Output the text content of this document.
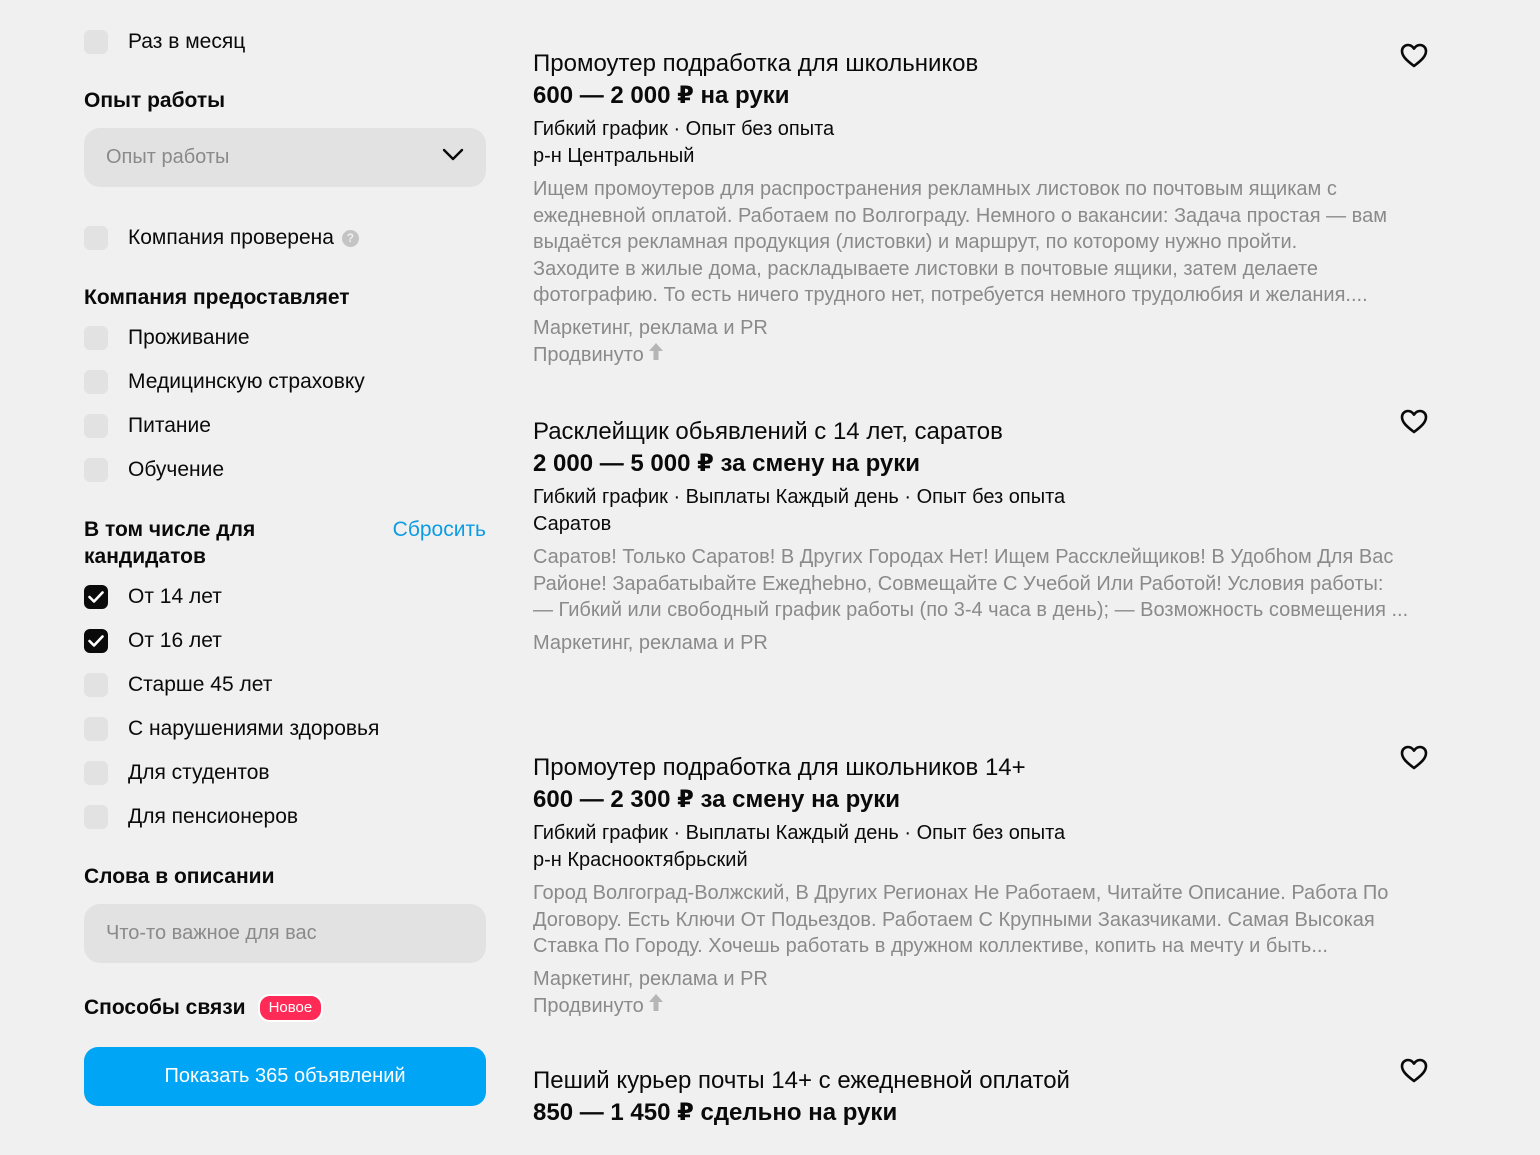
Раз в месяц
Опыт работы
Опыт работы
Компания проверена ?
Компания предоставляет
Проживание
Медицинскую страховку
Питание
Обучение
В том числе для
кандидатов
Сбросить
От 14 лет
От 16 лет
Старше 45 лет
С нарушениями здоровья
Для студентов
Для пенсионеров
Слова в описании
Что-то важное для вас
Способы связи Новое
Показать 365 объявлений
Промоутер подработка для школьников
600 — 2 000 ₽ на руки
Гибкий график · Опыт без опыта
р-н Центральный
Ищем промоутеров для распространения рекламных листовок по почтовым ящикам с
ежедневной оплатой. Работаем по Волгограду. Немного о вакансии: Задача простая — вам
выдаётся рекламная продукция (листовки) и маршрут, по которому нужно пройти.
Заходите в жилые дома, раскладываете листовки в почтовые ящики, затем делаете
фотографию. То есть ничего трудного нет, потребуется немного трудолюбия и желания....
Маркетинг, реклама и PR
Продвинуто
Расклейщик обьявлений с 14 лет, саратов
2 000 — 5 000 ₽ за смену на руки
Гибкий график · Выплаты Каждый день · Опыт без опыта
Саратов
Саратов! Только Саратов! В Других Городах Нет! Ищем Рассклейщиков! В Удобhом Для Вас
Районе! Зарабатыbайте Ежедhеbно, Совмещайте С Учебой Или Работой! Условия работы:
— Гибкий или свободный график работы (по 3-4 часа в день); — Возможность совмещения ...
Маркетинг, реклама и PR
Промоутер подработка для школьников 14+
600 — 2 300 ₽ за смену на руки
Гибкий график · Выплаты Каждый день · Опыт без опыта
р-н Краснооктябрьский
Город Волгоград-Волжский, В Других Регионах Не Работаем, Читайте Описание. Работа По
Договору. Есть Ключи От Подьездов. Работаем С Крупными Заказчиками. Самая Высокая
Ставка По Городу. Хочешь работать в дружном коллективе, копить на мечту и быть...
Маркетинг, реклама и PR
Продвинуто
Пеший курьер почты 14+ с ежедневной оплатой
850 — 1 450 ₽ сдельно на руки
